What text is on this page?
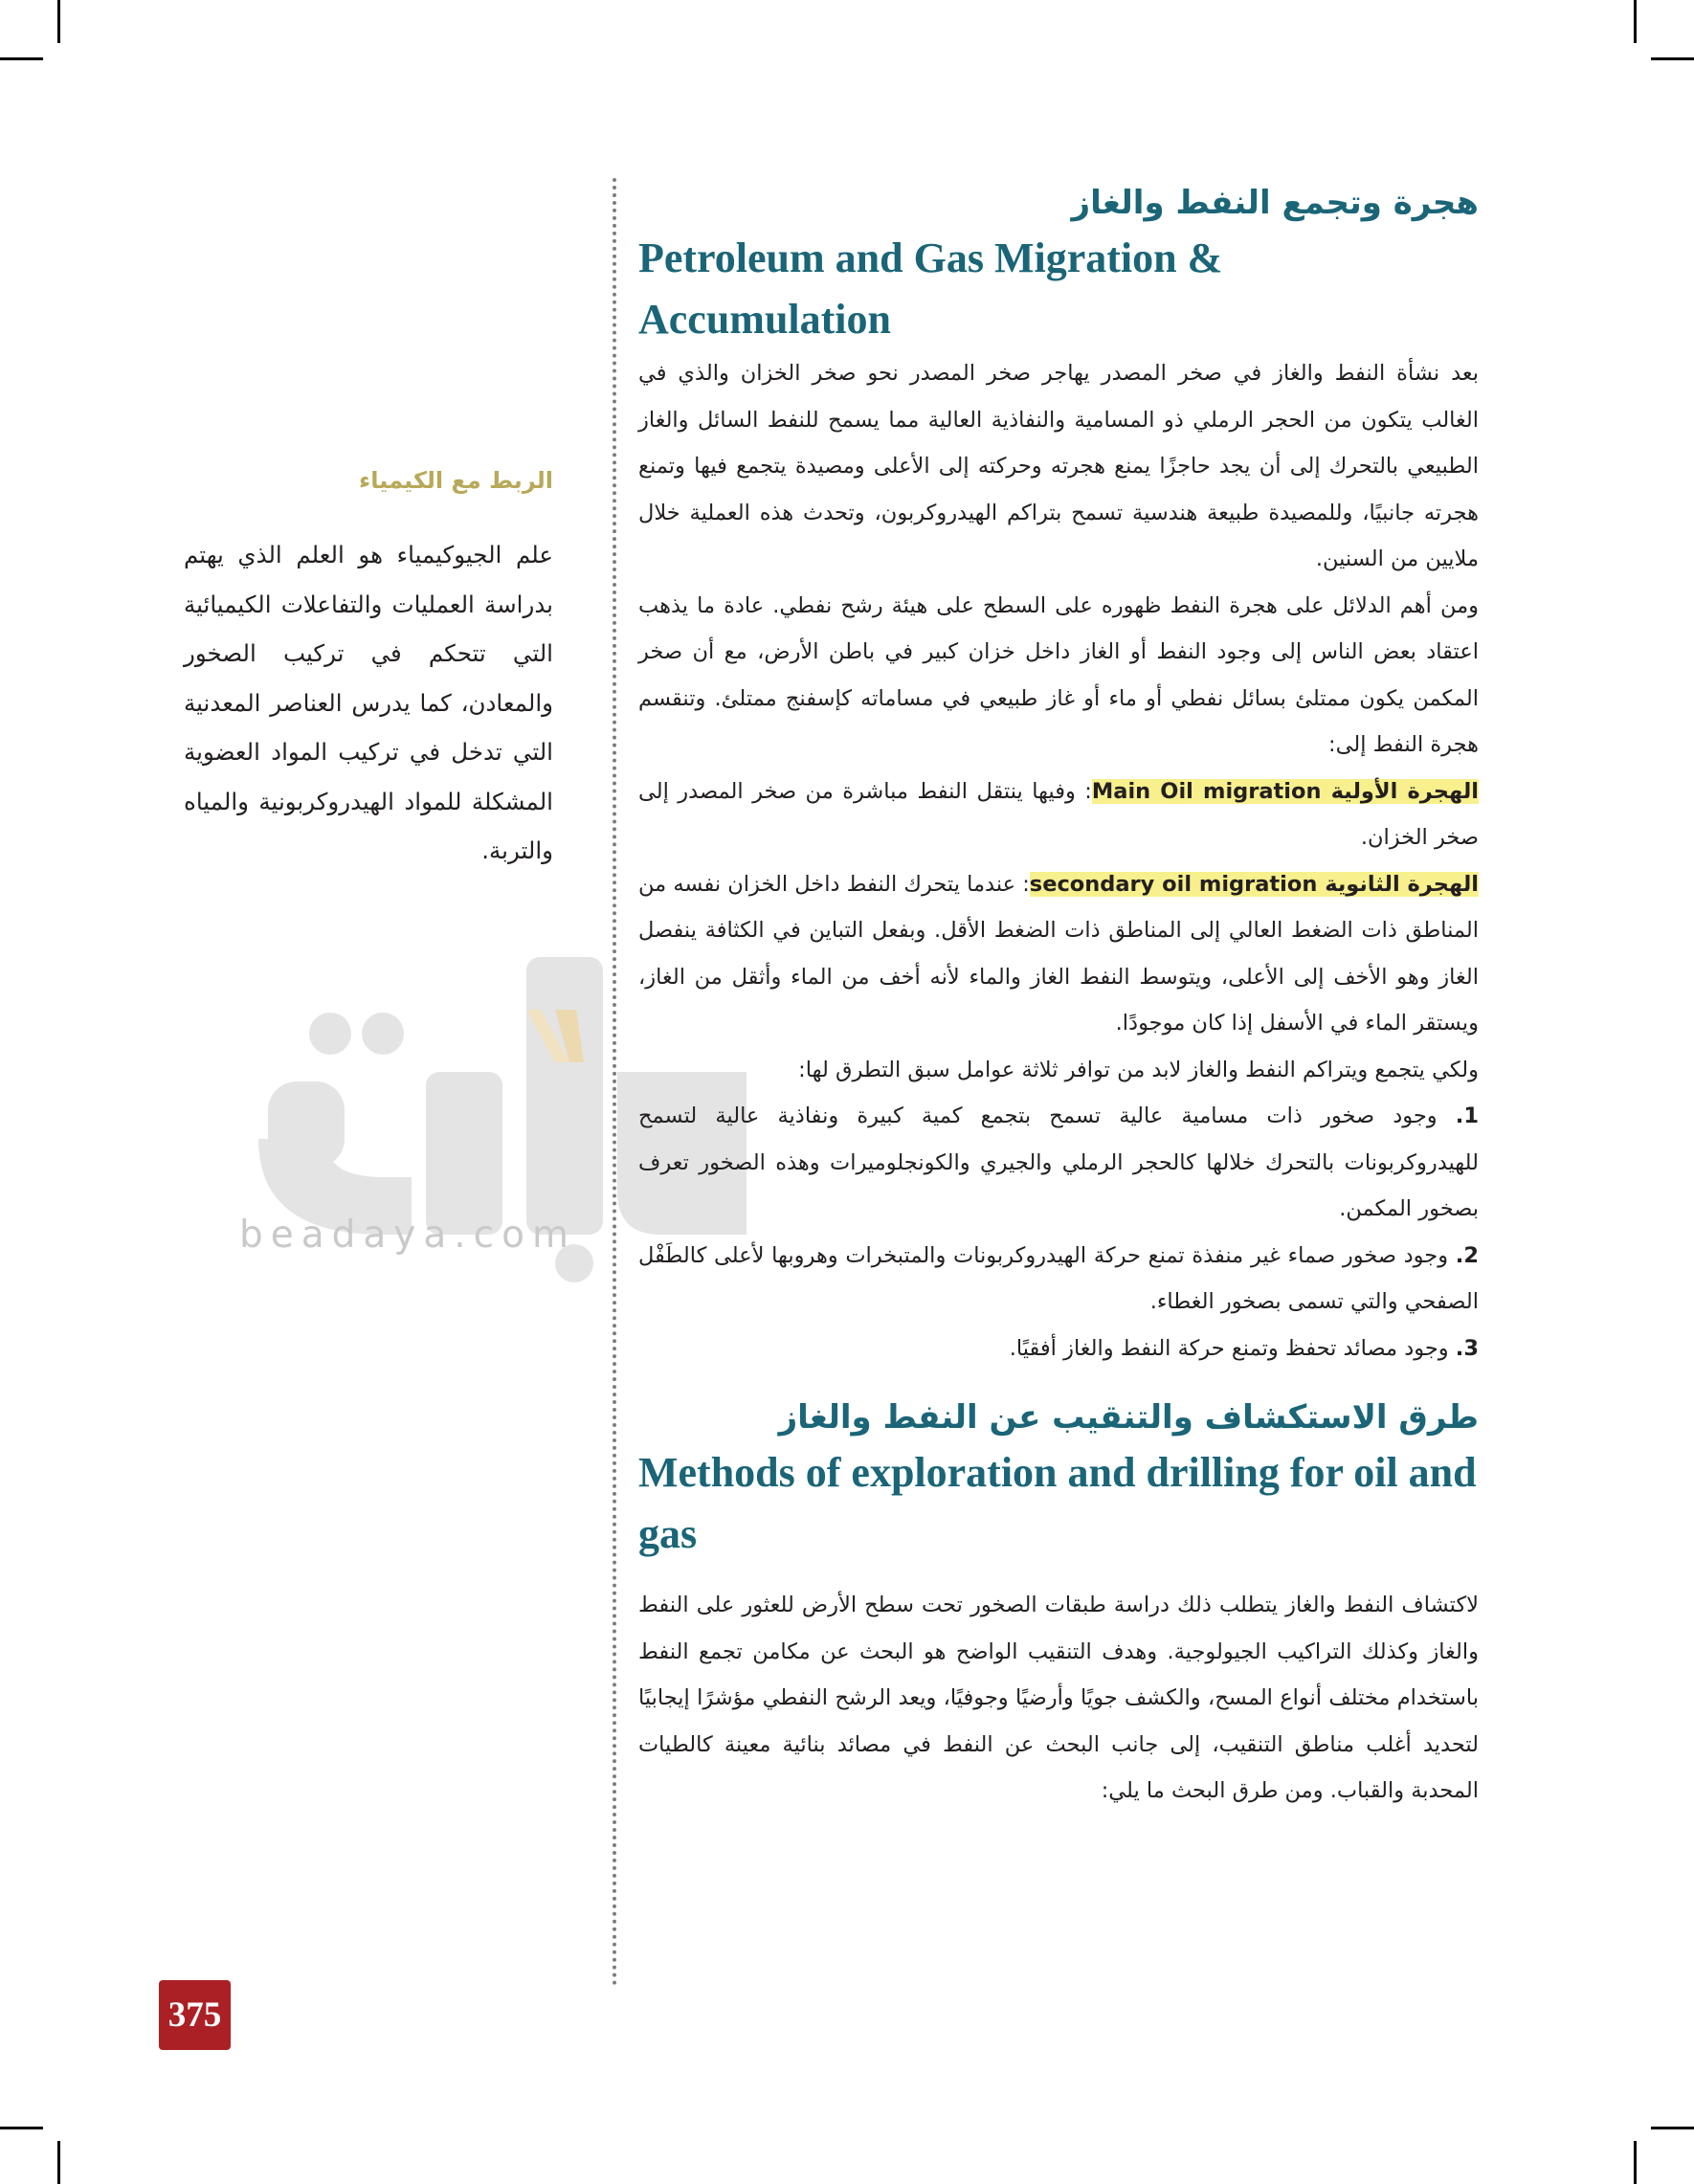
beadaya.com
الربط مع الكيمياء

علم الجيوكيمياء هو العلم الذي يهتم بدراسة العمليات والتفاعلات الكيميائية التي تتحكم في تركيب الصخور والمعادن، كما يدرس العناصر المعدنية التي تدخل في تركيب المواد العضوية المشكلة للمواد الهيدروكربونية والمياه والتربة.

هجرة وتجمع النفط والغاز
Petroleum and Gas Migration & Accumulation

بعد نشأة النفط والغاز في صخر المصدر يهاجر صخر المصدر نحو صخر الخزان والذي في الغالب يتكون من الحجر الرملي ذو المسامية والنفاذية العالية مما يسمح للنفط السائل والغاز الطبيعي بالتحرك إلى أن يجد حاجزًا يمنع هجرته وحركته إلى الأعلى ومصيدة يتجمع فيها وتمنع هجرته جانبيًا، وللمصيدة طبيعة هندسية تسمح بتراكم الهيدروكربون، وتحدث هذه العملية خلال ملايين من السنين.

ومن أهم الدلائل على هجرة النفط ظهوره على السطح على هيئة رشح نفطي. عادة ما يذهب اعتقاد بعض الناس إلى وجود النفط أو الغاز داخل خزان كبير في باطن الأرض، مع أن صخر المكمن يكون ممتلئ بسائل نفطي أو ماء أو غاز طبيعي في مساماته كإسفنج ممتلئ. وتنقسم هجرة النفط إلى:

الهجرة الأولية Main Oil migration: وفيها ينتقل النفط مباشرة من صخر المصدر إلى صخر الخزان.

الهجرة الثانوية secondary oil migration: عندما يتحرك النفط داخل الخزان نفسه من المناطق ذات الضغط العالي إلى المناطق ذات الضغط الأقل. وبفعل التباين في الكثافة ينفصل الغاز وهو الأخف إلى الأعلى، ويتوسط النفط الغاز والماء لأنه أخف من الماء وأثقل من الغاز، ويستقر الماء في الأسفل إذا كان موجودًا.

ولكي يتجمع ويتراكم النفط والغاز لابد من توافر ثلاثة عوامل سبق التطرق لها:

1. وجود صخور ذات مسامية عالية تسمح بتجمع كمية كبيرة ونفاذية عالية لتسمح للهيدروكربونات بالتحرك خلالها كالحجر الرملي والجيري والكونجلوميرات وهذه الصخور تعرف بصخور المكمن.

2. وجود صخور صماء غير منفذة تمنع حركة الهيدروكربونات والمتبخرات وهروبها لأعلى كالطَفْل الصفحي والتي تسمى بصخور الغطاء.

3. وجود مصائد تحفظ وتمنع حركة النفط والغاز أفقيًا.

طرق الاستكشاف والتنقيب عن النفط والغاز
Methods of exploration and drilling for oil and gas

لاكتشاف النفط والغاز يتطلب ذلك دراسة طبقات الصخور تحت سطح الأرض للعثور على النفط والغاز وكذلك التراكيب الجيولوجية. وهدف التنقيب الواضح هو البحث عن مكامن تجمع النفط باستخدام مختلف أنواع المسح، والكشف جويًا وأرضيًا وجوفيًا، ويعد الرشح النفطي مؤشرًا إيجابيًا لتحديد أغلب مناطق التنقيب، إلى جانب البحث عن النفط في مصائد بنائية معينة كالطيات المحدبة والقباب. ومن طرق البحث ما يلي:

375
